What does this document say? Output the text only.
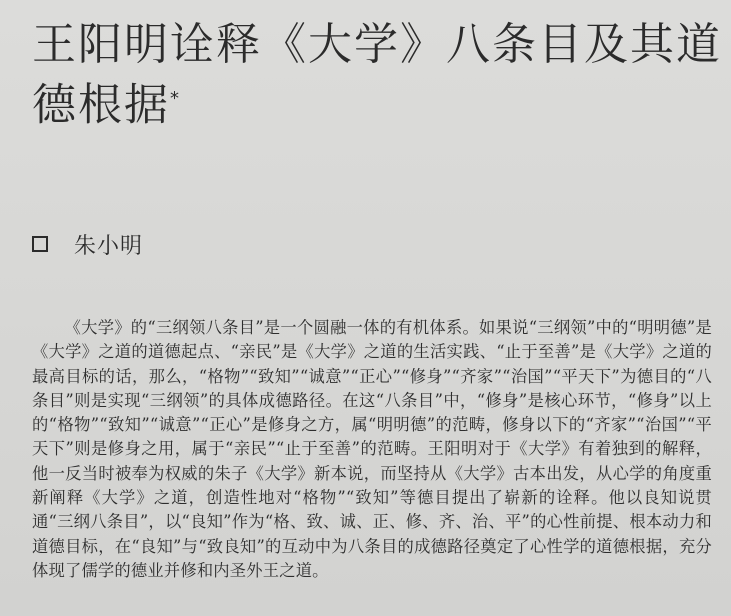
王阳明诠释《大学》八条目及其道德根据*
朱小明

《大学》的“三纲领八条目”是一个圆融一体的有机体系。如果说“三纲领”中的“明明德”是《大学》之道的道德起点、“亲民”是《大学》之道的生活实践、“止于至善”是《大学》之道的最高目标的话，那么，“格物”“致知”“诚意”“正心”“修身”“齐家”“治国”“平天下”为德目的“八条目”则是实现“三纲领”的具体成德路径。在这“八条目”中，“修身”是核心环节，“修身”以上的“格物”“致知”“诚意”“正心”是修身之方，属“明明德”的范畴，修身以下的“齐家”“治国”“平天下”则是修身之用，属于“亲民”“止于至善”的范畴。王阳明对于《大学》有着独到的解释，他一反当时被奉为权威的朱子《大学》新本说，而坚持从《大学》古本出发，从心学的角度重新阐释《大学》之道，创造性地对“格物”“致知”等德目提出了崭新的诠释。他以良知说贯通“三纲八条目”，以“良知”作为“格、致、诚、正、修、齐、治、平”的心性前提、根本动力和道德目标，在“良知”与“致良知”的互动中为八条目的成德路径奠定了心性学的道德根据，充分体现了儒学的德业并修和内圣外王之道。
